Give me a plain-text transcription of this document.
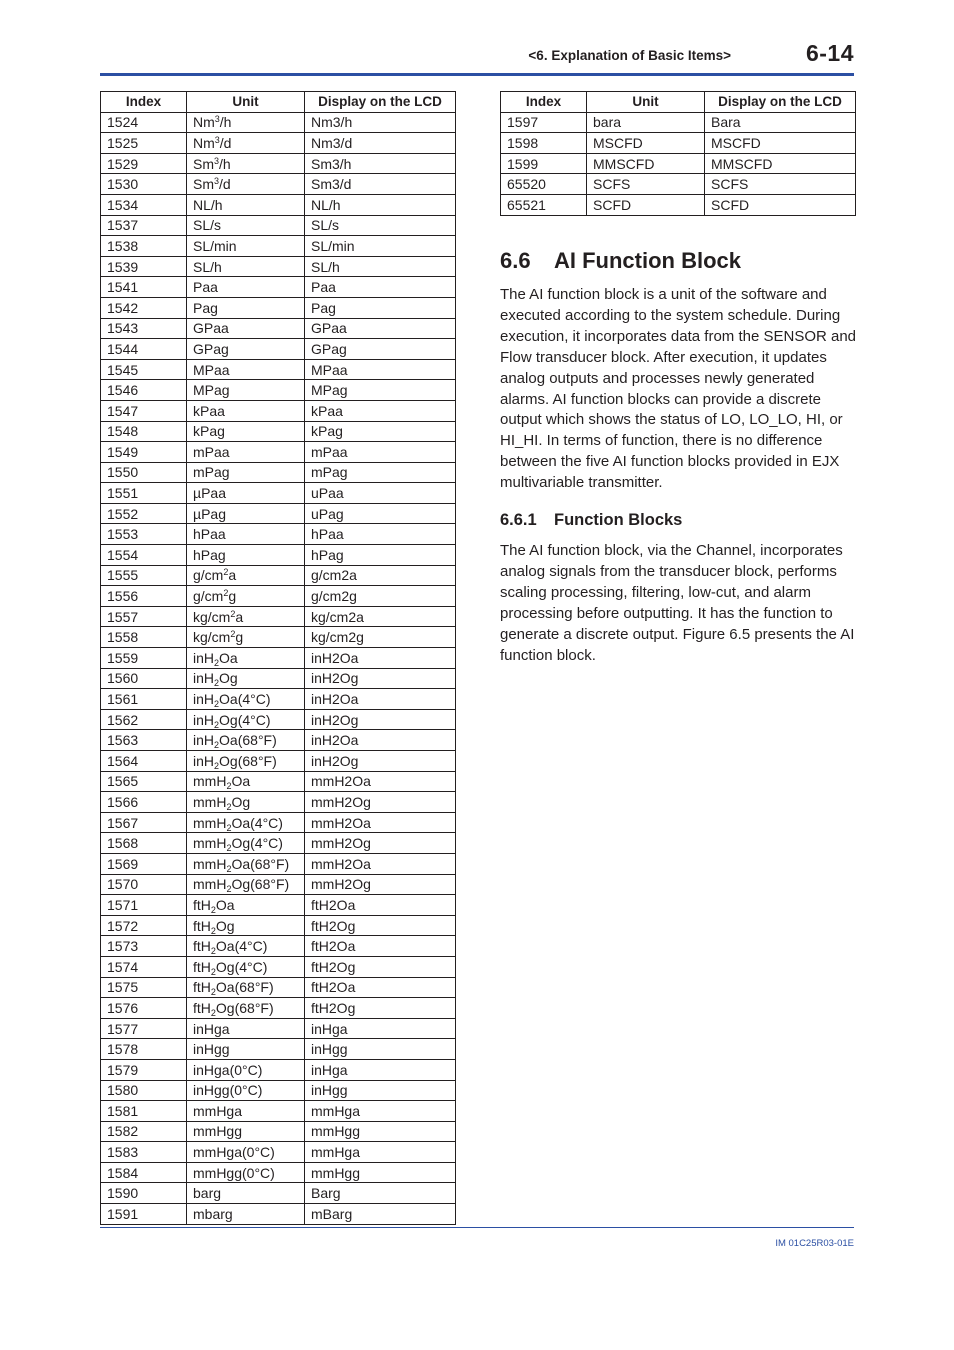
<6. Explanation of Basic Items>	6-14
Index	Unit	Display on the LCD
1524	Nm$^3$/h	Nm3/h
1525	Nm$^3$/d	Nm3/d
1529	Sm$^3$/h	Sm3/h
1530	Sm$^3$/d	Sm3/d
1534	NL/h	NL/h
1537	SL/s	SL/s
1538	SL/min	SL/min
1539	SL/h	SL/h
1541	Paa	Paa
1542	Pag	Pag
1543	GPaa	GPaa
1544	GPag	GPag
1545	MPaa	MPaa
1546	MPag	MPag
1547	kPaa	kPaa
1548	kPag	kPag
1549	mPaa	mPaa
1550	mPag	mPag
1551	µPaa	uPaa
1552	µPag	uPag
1553	hPaa	hPaa
1554	hPag	hPag
1555	$g/cm^2a$	g/cm2a
1556	$g/cm^2g$	g/cm2g
1557	$kg/cm^2a$	kg/cm2a
1558	$kg/cm^2g$	kg/cm2g
1559	inH$_2$Oa	inH2Oa
1560	inH$_2$Og	inH2Og
1561	inH$_2$Oa(4°C)	inH2Oa
1562	inH$_2$Og(4°C)	inH2Og
1563	inH$_2$Oa(68°F)	inH2Oa
1564	inH$_2$Og(68°F)	inH2Og
1565	mmH$_2$Oa	mmH2Oa
1566	mmH$_2$Og	mmH2Og
1567	mmH$_2$Oa(4°C)	mmH2Oa
1568	mmH$_2$Og(4°C)	mmH2Og
1569	mmH$_2$Oa(68°F)	mmH2Oa
1570	mmH$_2$Og(68°F)	mmH2Og
1571	ftH$_2$Oa	ftH2Oa
1572	ftH$_2$Og	ftH2Og
1573	ftH$_2$Oa(4°C)	ftH2Oa
1574	ftH$_2$Og(4°C)	ftH2Og
1575	ftH$_2$Oa(68°F)	ftH2Oa
1576	ftH$_2$Og(68°F)	ftH2Og
1577	inHga	inHga
1578	inHgg	inHgg
1579	inHga(0°C)	inHga
1580	inHgg(0°C)	inHgg
1581	mmHga	mmHga
1582	mmHgg	mmHgg
1583	mmHga(0°C)	mmHga
1584	mmHgg(0°C)	mmHgg
1590	barg	Barg
1591	mbarg	mBarg
Index	Unit	Display on the LCD
1597	bara	Bara
1598	MSCFD	MSCFD
1599	MMSCFD	MMSCFD
65520	SCFS	SCFS
65521	SCFD	SCFD
6.6 AI Function Block

The AI function block is a unit of the software and executed according to the system schedule. During execution, it incorporates data from the SENSOR and Flow transducer block. After execution, it updates analog outputs and processes newly generated alarms. AI function blocks can provide a discrete output which shows the status of LO, LO_LO, HI, or HI_HI. In terms of function, there is no difference between the five AI function blocks provided in EJX multivariable transmitter.

6.6.1 Function Blocks

The AI function block, via the Channel, incorporates analog signals from the transducer block, performs scaling processing, filtering, low-cut, and alarm processing before outputting. It has the function to generate a discrete output. Figure 6.5 presents the AI function block.

IM 01C25R03-01E
